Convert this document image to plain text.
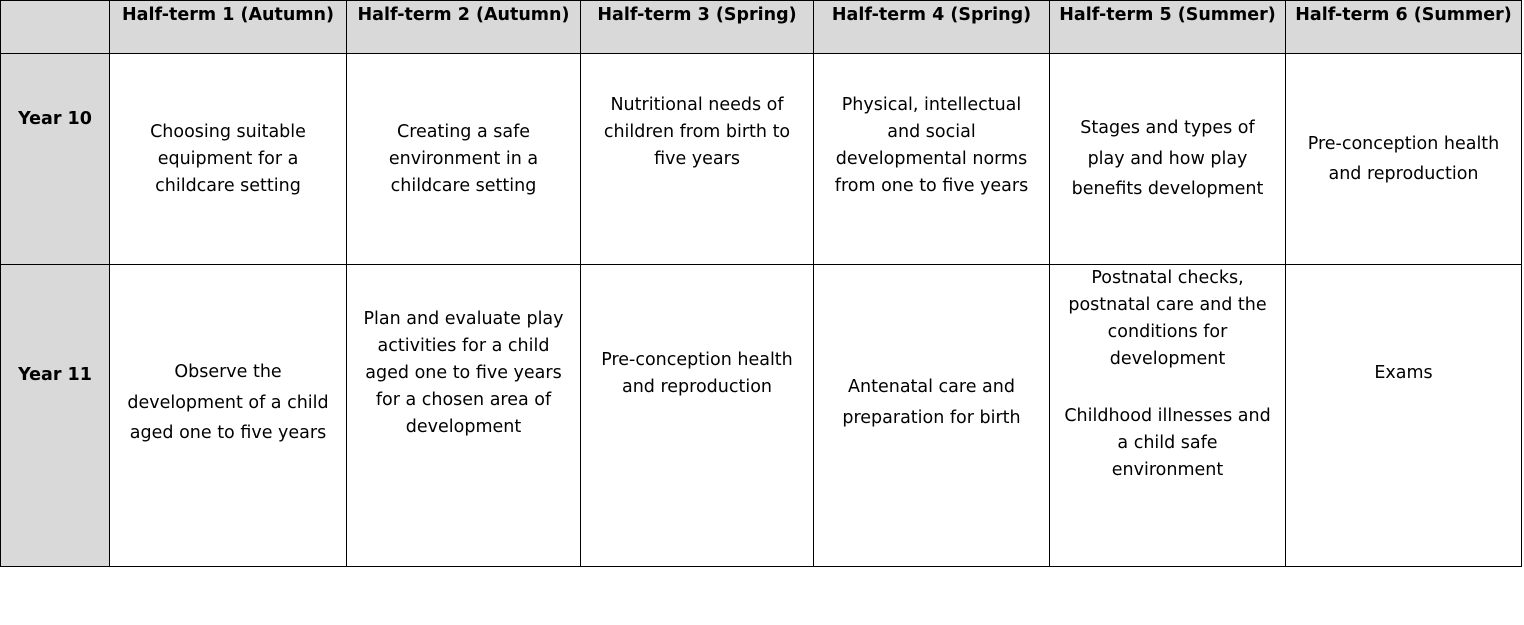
Half-term 1 (Autumn) Half-term 2 (Autumn) Half-term 3 (Spring) Half-term 4 (Spring) Half-term 5 (Summer) Half-term 6 (Summer)
Year 10
Choosing suitable equipment for a childcare setting
Creating a safe environment in a childcare setting
Nutritional needs of children from birth to five years
Physical, intellectual and social developmental norms from one to five years
Stages and types of play and how play benefits development
Pre-conception health and reproduction
Year 11	Observe the development of a child aged one to five years
Plan and evaluate play activities for a child aged one to five years for a chosen area of development
Pre-conception health and reproduction	Antenatal care and preparation for birth
Postnatal checks, postnatal care and the conditions for development
Childhood illnesses and a child safe environment
Exams
